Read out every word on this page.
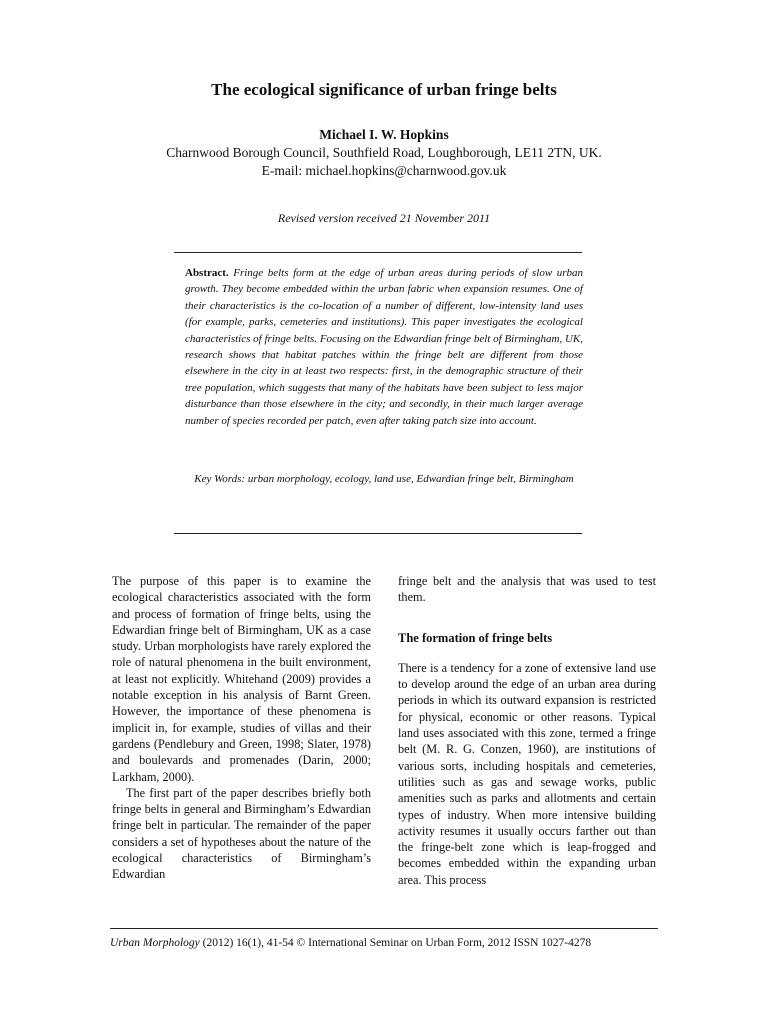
The ecological significance of urban fringe belts
Michael I. W. Hopkins
Charnwood Borough Council, Southfield Road, Loughborough, LE11 2TN, UK.
E-mail: michael.hopkins@charnwood.gov.uk
Revised version received 21 November 2011
Abstract. Fringe belts form at the edge of urban areas during periods of slow urban growth. They become embedded within the urban fabric when expansion resumes. One of their characteristics is the co-location of a number of different, low-intensity land uses (for example, parks, cemeteries and institutions). This paper investigates the ecological characteristics of fringe belts. Focusing on the Edwardian fringe belt of Birmingham, UK, research shows that habitat patches within the fringe belt are different from those elsewhere in the city in at least two respects: first, in the demographic structure of their tree population, which suggests that many of the habitats have been subject to less major disturbance than those elsewhere in the city; and secondly, in their much larger average number of species recorded per patch, even after taking patch size into account.
Key Words: urban morphology, ecology, land use, Edwardian fringe belt, Birmingham

The purpose of this paper is to examine the ecological characteristics associated with the form and process of formation of fringe belts, using the Edwardian fringe belt of Birmingham, UK as a case study. Urban morphologists have rarely explored the role of natural phenomena in the built environment, at least not explicitly. Whitehand (2009) provides a notable exception in his analysis of Barnt Green. However, the importance of these phenomena is implicit in, for example, studies of villas and their gardens (Pendlebury and Green, 1998; Slater, 1978) and boulevards and promenades (Darin, 2000; Larkham, 2000).

The first part of the paper describes briefly both fringe belts in general and Birmingham’s Edwardian fringe belt in particular. The remainder of the paper considers a set of hypotheses about the nature of the ecological characteristics of Birmingham’s Edwardian

fringe belt and the analysis that was used to test them.

The formation of fringe belts

There is a tendency for a zone of extensive land use to develop around the edge of an urban area during periods in which its outward expansion is restricted for physical, economic or other reasons. Typical land uses associated with this zone, termed a fringe belt (M. R. G. Conzen, 1960), are institutions of various sorts, including hospitals and cemeteries, utilities such as gas and sewage works, public amenities such as parks and allotments and certain types of industry. When more intensive building activity resumes it usually occurs farther out than the fringe-belt zone which is leap-frogged and becomes embedded within the expanding urban area. This process

Urban Morphology (2012) 16(1), 41-54 © International Seminar on Urban Form, 2012 ISSN 1027-4278
